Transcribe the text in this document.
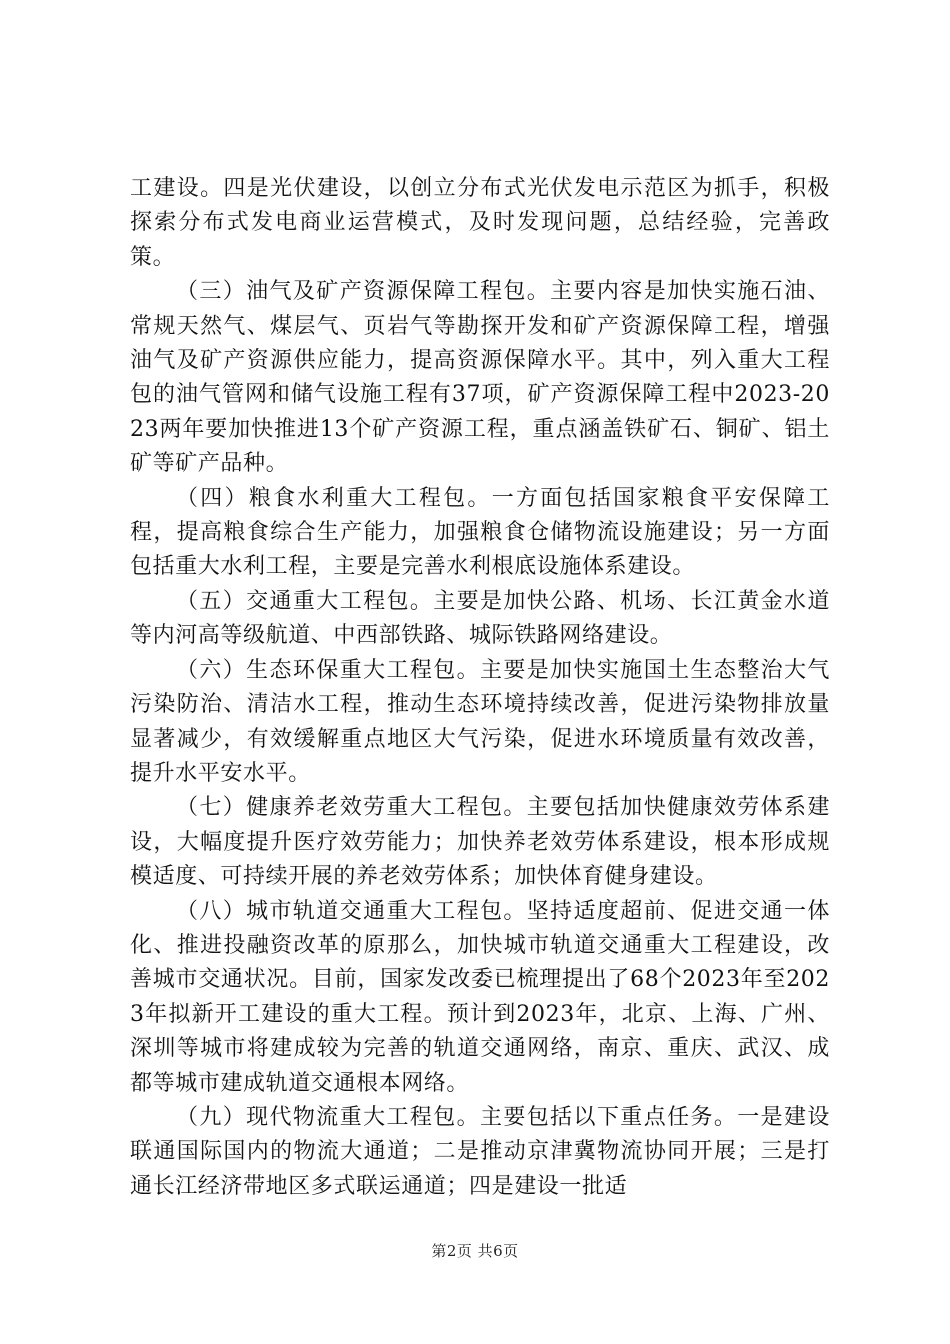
工建设。四是光伏建设，以创立分布式光伏发电示范区为抓手，积极探索分布式发电商业运营模式，及时发现问题，总结经验，完善政策。

（三）油气及矿产资源保障工程包。主要内容是加快实施石油、常规天然气、煤层气、页岩气等勘探开发和矿产资源保障工程，增强油气及矿产资源供应能力，提高资源保障水平。其中，列入重大工程包的油气管网和储气设施工程有37项，矿产资源保障工程中2023-2023两年要加快推进13个矿产资源工程，重点涵盖铁矿石、铜矿、铝土矿等矿产品种。

（四）粮食水利重大工程包。一方面包括国家粮食平安保障工程，提高粮食综合生产能力，加强粮食仓储物流设施建设；另一方面包括重大水利工程，主要是完善水利根底设施体系建设。

（五）交通重大工程包。主要是加快公路、机场、长江黄金水道等内河高等级航道、中西部铁路、城际铁路网络建设。

（六）生态环保重大工程包。主要是加快实施国土生态整治大气污染防治、清洁水工程，推动生态环境持续改善，促进污染物排放量显著减少，有效缓解重点地区大气污染，促进水环境质量有效改善，提升水平安水平。

（七）健康养老效劳重大工程包。主要包括加快健康效劳体系建设，大幅度提升医疗效劳能力；加快养老效劳体系建设，根本形成规模适度、可持续开展的养老效劳体系；加快体育健身建设。

（八）城市轨道交通重大工程包。坚持适度超前、促进交通一体化、推进投融资改革的原那么，加快城市轨道交通重大工程建设，改善城市交通状况。目前，国家发改委已梳理提出了68个2023年至2023年拟新开工建设的重大工程。预计到2023年，北京、上海、广州、深圳等城市将建成较为完善的轨道交通网络，南京、重庆、武汉、成都等城市建成轨道交通根本网络。

（九）现代物流重大工程包。主要包括以下重点任务。一是建设联通国际国内的物流大通道；二是推动京津冀物流协同开展；三是打通长江经济带地区多式联运通道；四是建设一批适

第2页 共6页
